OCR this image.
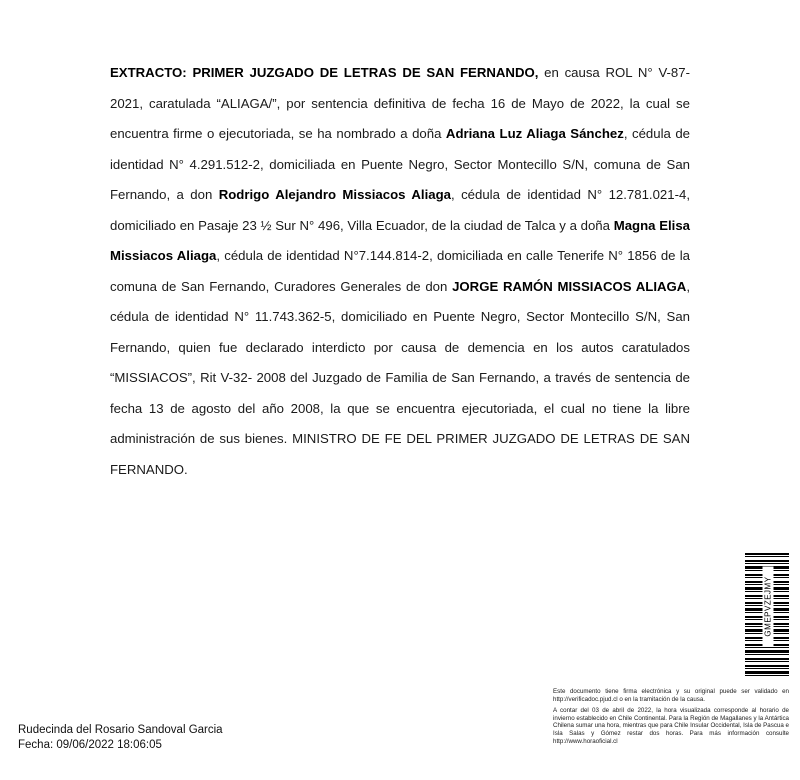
EXTRACTO: PRIMER JUZGADO DE LETRAS DE SAN FERNANDO, en causa ROL N° V-87-2021, caratulada “ALIAGA/”, por sentencia definitiva de fecha 16 de Mayo de 2022, la cual se encuentra firme o ejecutoriada, se ha nombrado a doña Adriana Luz Aliaga Sánchez, cédula de identidad N° 4.291.512-2, domiciliada en Puente Negro, Sector Montecillo S/N, comuna de San Fernando, a don Rodrigo Alejandro Missiacos Aliaga, cédula de identidad N° 12.781.021-4, domiciliado en Pasaje 23 ½ Sur N° 496, Villa Ecuador, de la ciudad de Talca y a doña Magna Elisa Missiacos Aliaga, cédula de identidad N°7.144.814-2, domiciliada en calle Tenerife N° 1856 de la comuna de San Fernando, Curadores Generales de don JORGE RAMÓN MISSIACOS ALIAGA, cédula de identidad N° 11.743.362-5, domiciliado en Puente Negro, Sector Montecillo S/N, San Fernando, quien fue declarado interdicto por causa de demencia en los autos caratulados “MISSIACOS”, Rit V-32- 2008 del Juzgado de Familia de San Fernando, a través de sentencia de fecha 13 de agosto del año 2008, la que se encuentra ejecutoriada, el cual no tiene la libre administración de sus bienes. MINISTRO DE FE DEL PRIMER JUZGADO DE LETRAS DE SAN FERNANDO.
GMEPVZEJMY

Este documento tiene firma electrónica y su original puede ser validado en http://verificadoc.pjud.cl o en la tramitación de la causa.

A contar del 03 de abril de 2022, la hora visualizada corresponde al horario de invierno establecido en Chile Continental. Para la Región de Magallanes y la Antártica Chilena sumar una hora, mientras que para Chile Insular Occidental, Isla de Pascua e Isla Salas y Gómez restar dos horas. Para más información consulte http://www.horaoficial.cl

Rudecinda del Rosario Sandoval Garcia
Fecha: 09/06/2022 18:06:05
